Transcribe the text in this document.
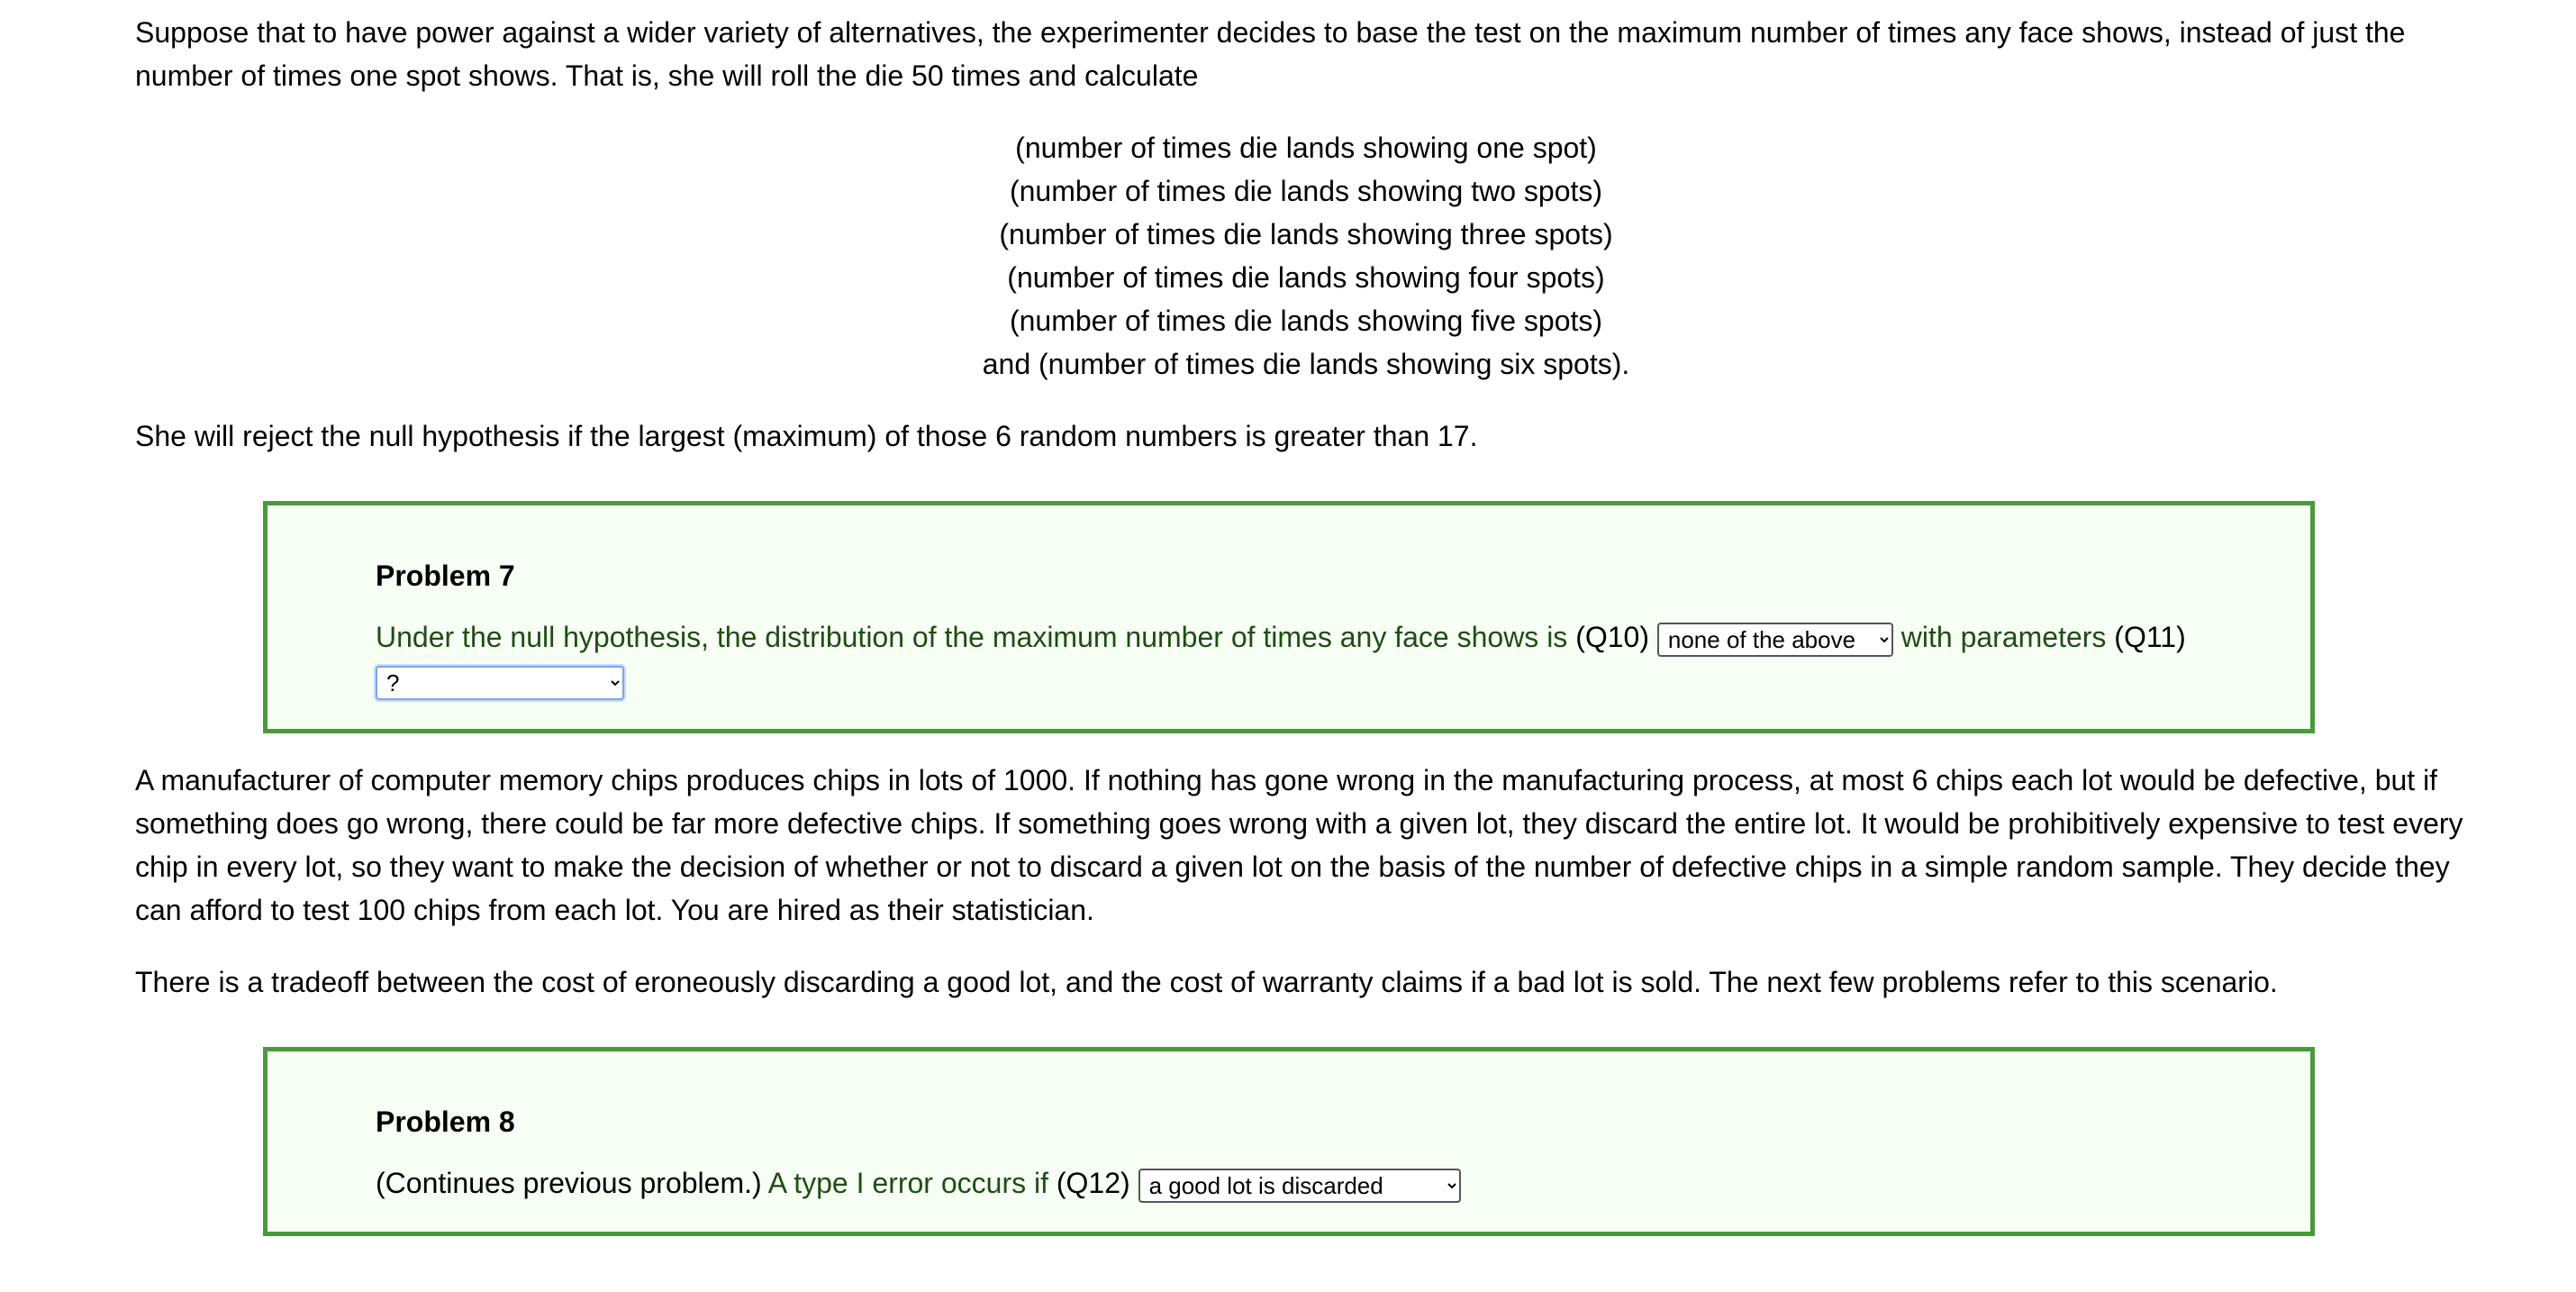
Suppose that to have power against a wider variety of alternatives, the experimenter decides to base the test on the maximum number of times any face shows, instead of just the number of times one spot shows. That is, she will roll the die 50 times and calculate

(number of times die lands showing one spot)
(number of times die lands showing two spots)
(number of times die lands showing three spots)
(number of times die lands showing four spots)
(number of times die lands showing five spots)
and (number of times die lands showing six spots).

She will reject the null hypothesis if the largest (maximum) of those 6 random numbers is greater than 17.

Problem 7
Under the null hypothesis, the distribution of the maximum number of times any face shows is (Q10)
none of the above	with parameters (Q11)
?

A manufacturer of computer memory chips produces chips in lots of 1000. If nothing has gone wrong in the manufacturing process, at most 6 chips each lot would be defective, but if something does go wrong, there could be far more defective chips. If something goes wrong with a given lot, they discard the entire lot. It would be prohibitively expensive to test every chip in every lot, so they want to make the decision of whether or not to discard a given lot on the basis of the number of defective chips in a simple random sample. They decide they can afford to test 100 chips from each lot. You are hired as their statistician.

There is a tradeoff between the cost of eroneously discarding a good lot, and the cost of warranty claims if a bad lot is sold. The next few problems refer to this scenario.

Problem 8
(Continues previous problem.) A type I error occurs if (Q12)
a good lot is discarded
